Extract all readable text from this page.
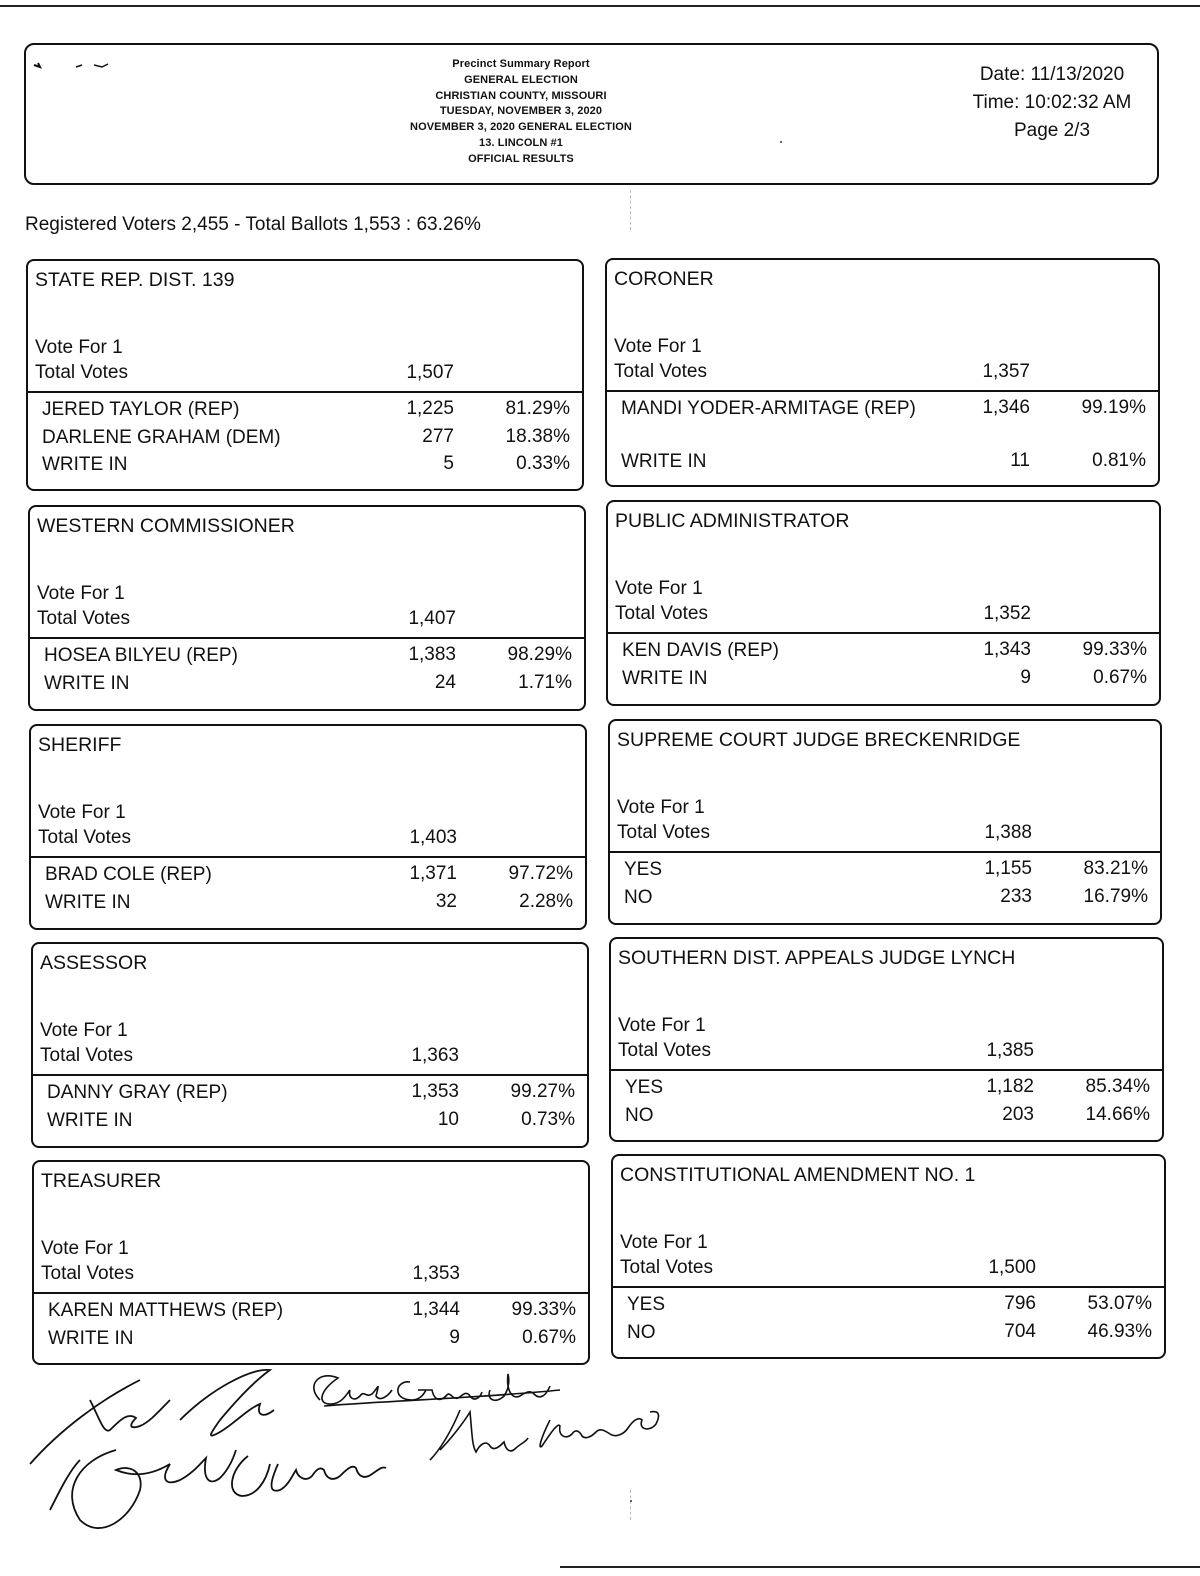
Precinct Summary Report
GENERAL ELECTION
CHRISTIAN COUNTY, MISSOURI
TUESDAY, NOVEMBER 3, 2020
NOVEMBER 3, 2020 GENERAL ELECTION
13. LINCOLN #1
OFFICIAL RESULTS
Date: 11/13/2020
Time: 10:02:32 AM
Page 2/3
Registered Voters 2,455 - Total Ballots 1,553 : 63.26%
STATE REP. DIST. 139
Vote For 1
Total Votes	1,507
JERED TAYLOR (REP)	1,225	81.29%
DARLENE GRAHAM (DEM)	277	18.38%
WRITE IN	5	0.33%
CORONER
Vote For 1
Total Votes	1,357
MANDI YODER-ARMITAGE (REP)	1,346	99.19%
WRITE IN	11	0.81%
WESTERN COMMISSIONER
Vote For 1
Total Votes	1,407
HOSEA BILYEU (REP)	1,383	98.29%
WRITE IN	24	1.71%
PUBLIC ADMINISTRATOR
Vote For 1
Total Votes	1,352
KEN DAVIS (REP)	1,343	99.33%
WRITE IN	9	0.67%
SHERIFF
Vote For 1
Total Votes	1,403
BRAD COLE (REP)	1,371	97.72%
WRITE IN	32	2.28%
SUPREME COURT JUDGE BRECKENRIDGE
Vote For 1
Total Votes	1,388
YES	1,155	83.21%
NO	233	16.79%
ASSESSOR
Vote For 1
Total Votes	1,363
DANNY GRAY (REP)	1,353	99.27%
WRITE IN	10	0.73%
SOUTHERN DIST. APPEALS JUDGE LYNCH
Vote For 1
Total Votes	1,385
YES	1,182	85.34%
NO	203	14.66%
TREASURER
Vote For 1
Total Votes	1,353
KAREN MATTHEWS (REP)	1,344	99.33%
WRITE IN	9	0.67%
CONSTITUTIONAL AMENDMENT NO. 1
Vote For 1
Total Votes	1,500
YES	796	53.07%
NO	704	46.93%
